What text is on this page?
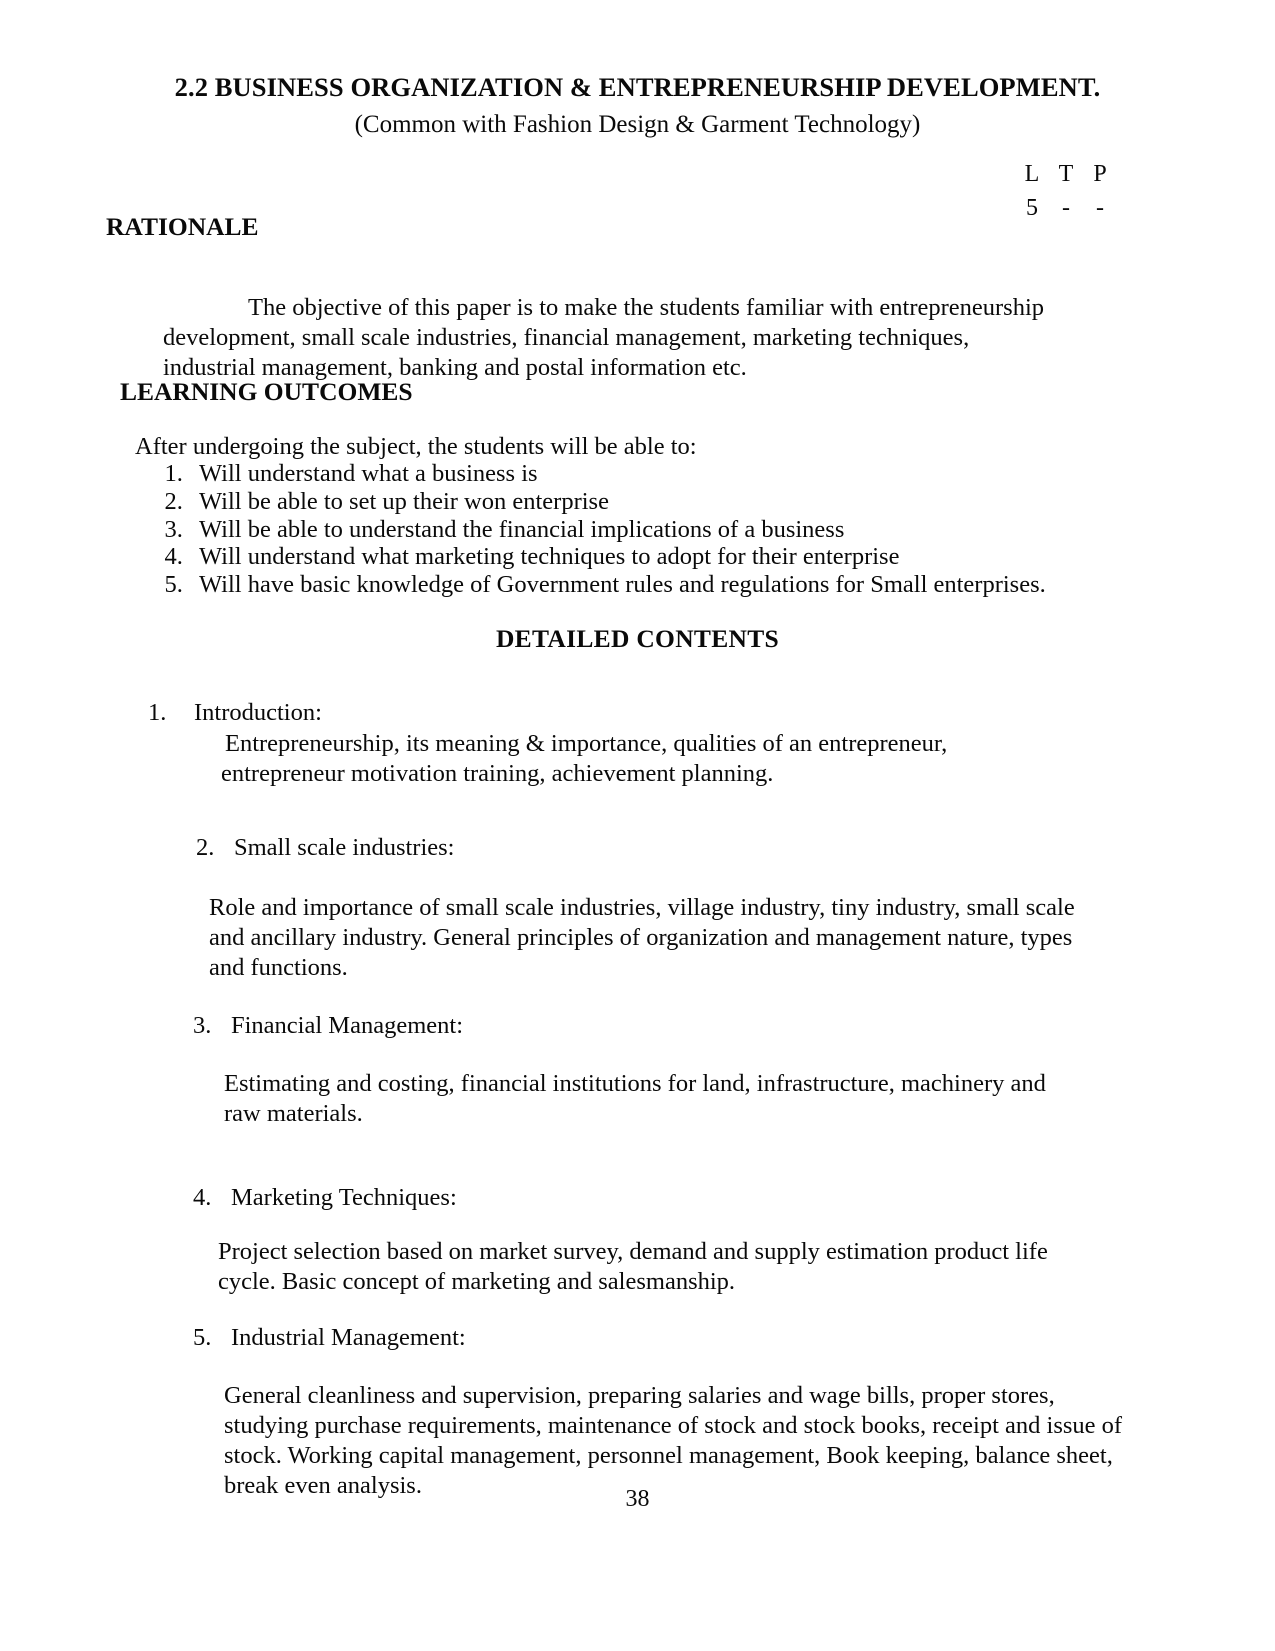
2.2 BUSINESS ORGANIZATION & ENTREPRENEURSHIP DEVELOPMENT.
(Common with Fashion Design & Garment Technology)
L T P
5	-	-
RATIONALE

The objective of this paper is to make the students familiar with entrepreneurship development, small scale industries, financial management, marketing techniques, industrial management, banking and postal information etc.

LEARNING OUTCOMES
After undergoing the subject, the students will be able to:
1. Will understand what a business is
2. Will be able to set up their won enterprise
3. Will be able to understand the financial implications of a business
4. Will understand what marketing techniques to adopt for their enterprise
5. Will have basic knowledge of Government rules and regulations for Small enterprises.
DETAILED CONTENTS
1.	Introduction:
Entrepreneurship, its meaning & importance, qualities of an entrepreneur, entrepreneur motivation training, achievement planning.
2. Small scale industries:
Role and importance of small scale industries, village industry, tiny industry, small scale and ancillary industry. General principles of organization and management nature, types and functions.
3. Financial Management:
Estimating and costing, financial institutions for land, infrastructure, machinery and raw materials.
4. Marketing Techniques:
Project selection based on market survey, demand and supply estimation product life cycle. Basic concept of marketing and salesmanship.
5. Industrial Management:
General cleanliness and supervision, preparing salaries and wage bills, proper stores, studying purchase requirements, maintenance of stock and stock books, receipt and issue of stock. Working capital management, personnel management, Book keeping, balance sheet, break even analysis.	38
